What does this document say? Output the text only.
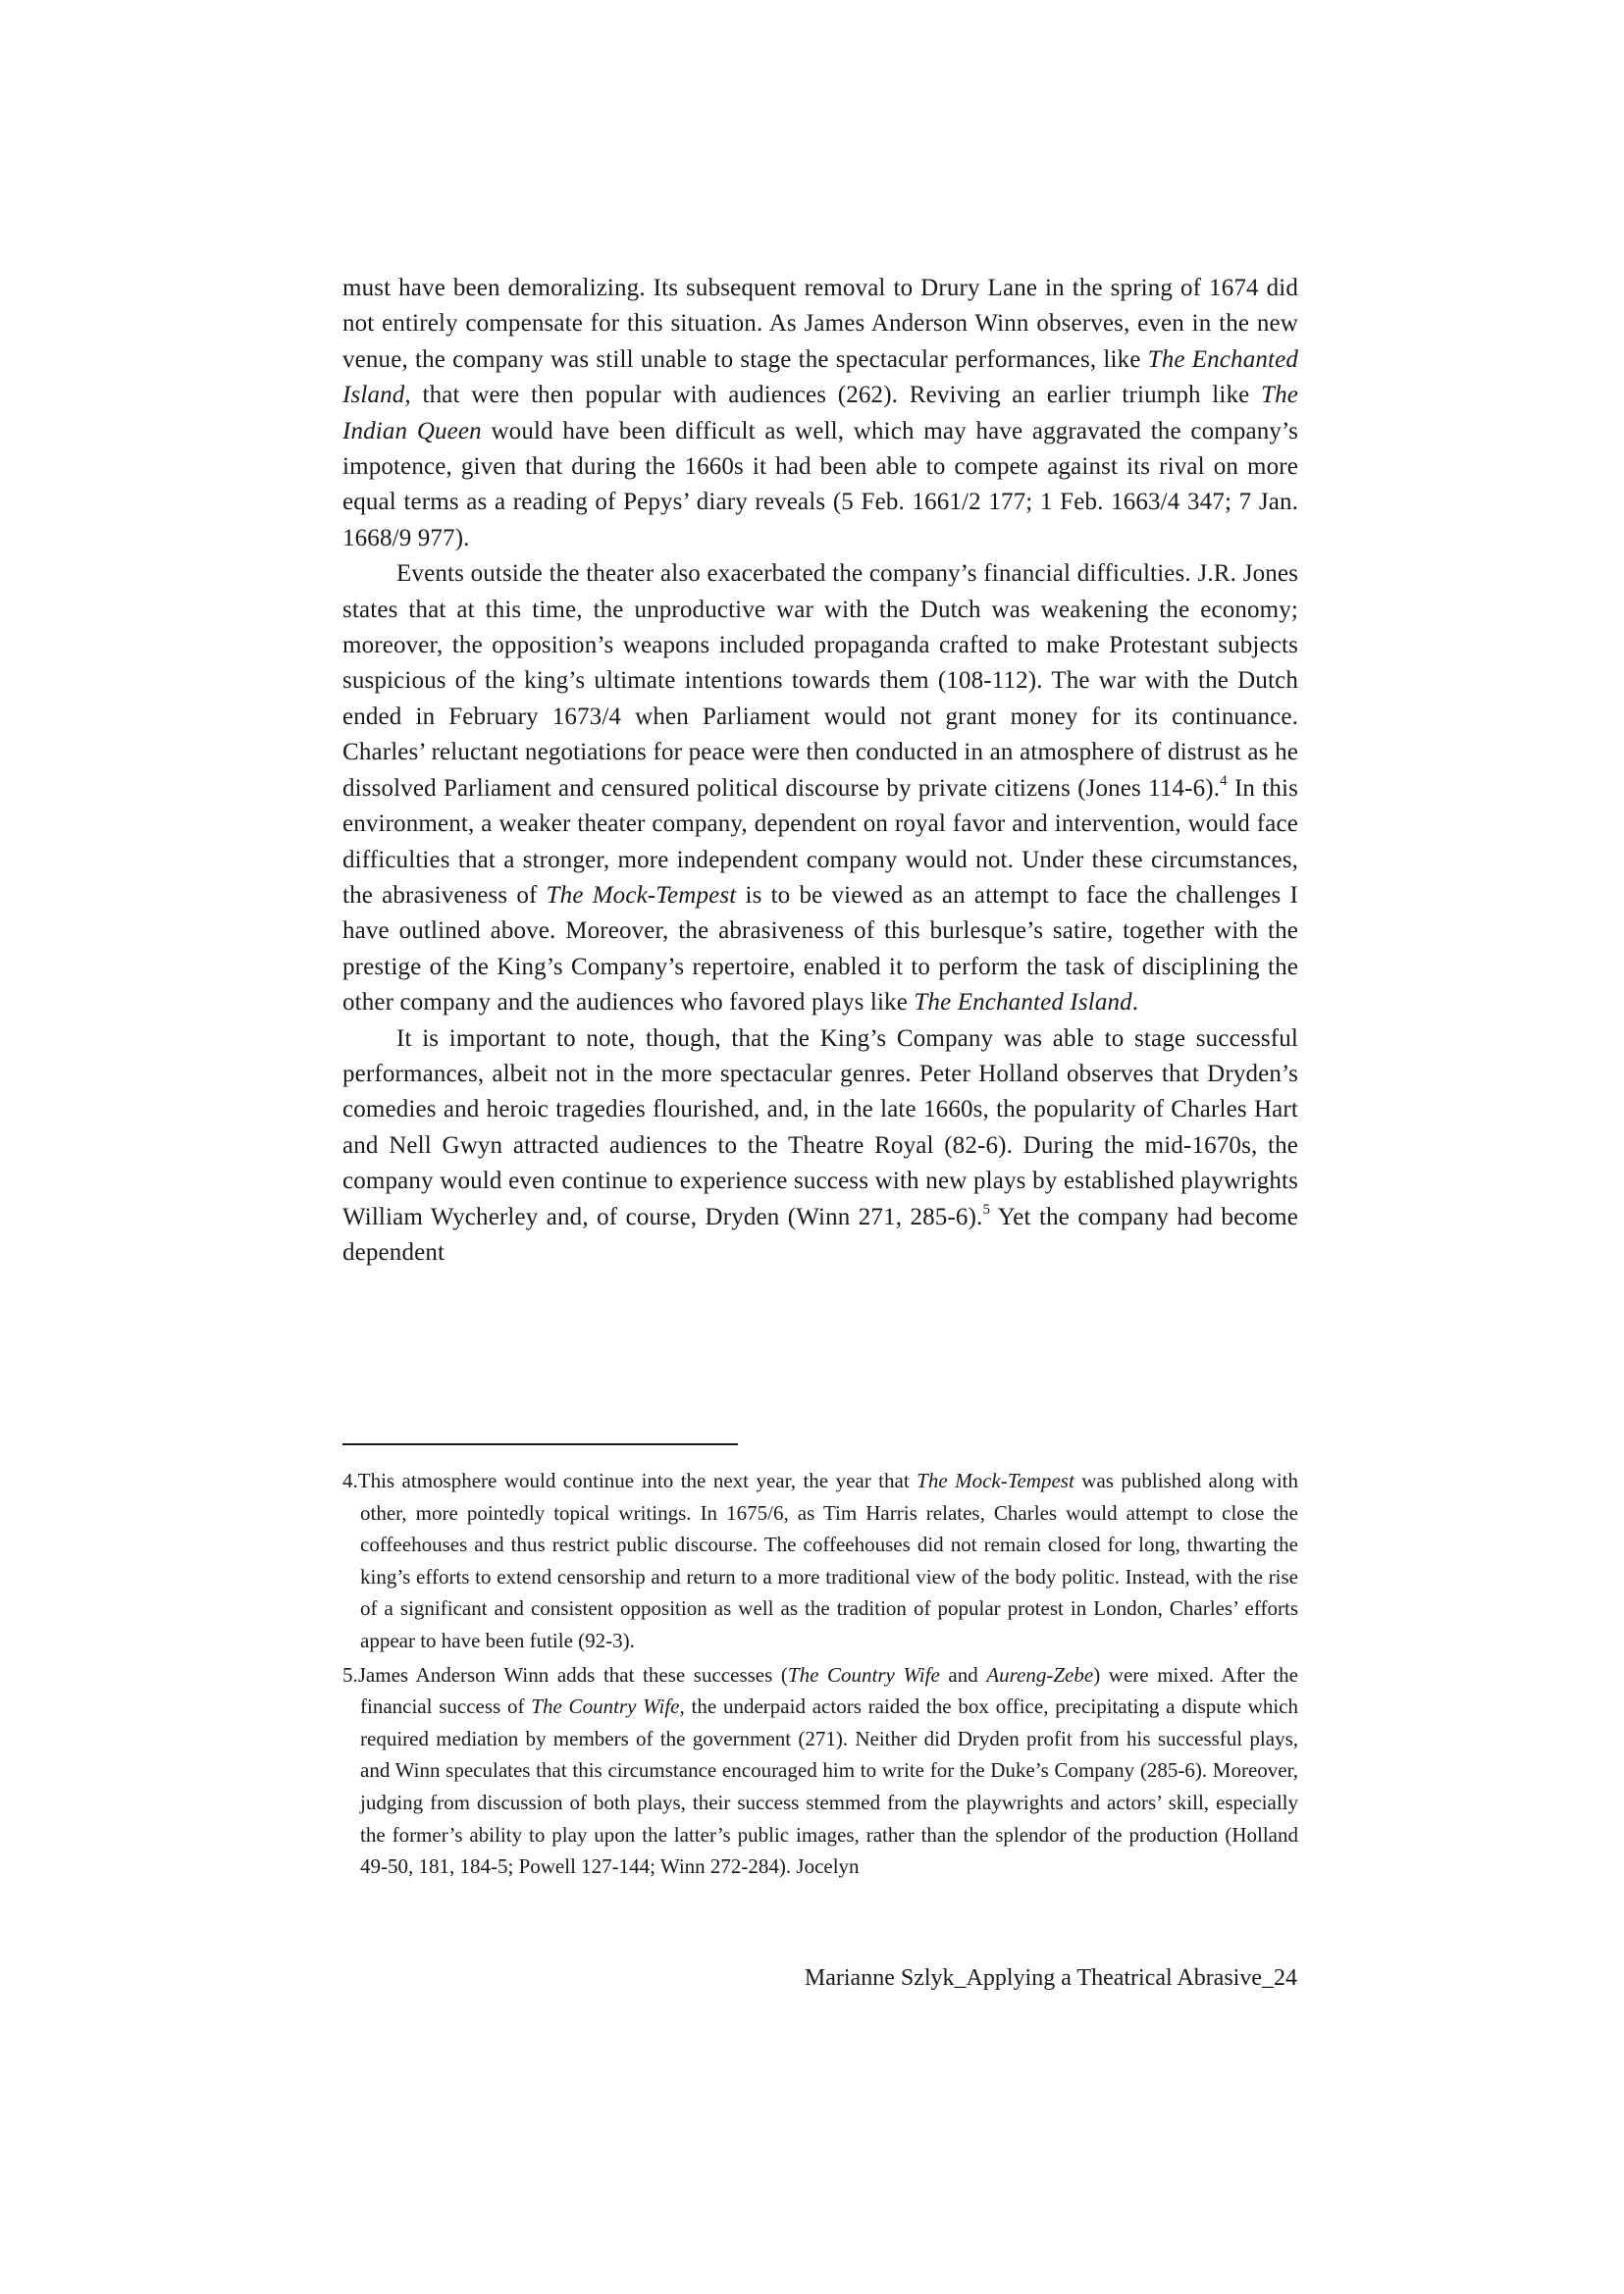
must have been demoralizing. Its subsequent removal to Drury Lane in the spring of 1674 did not entirely compensate for this situation. As James Anderson Winn observes, even in the new venue, the company was still unable to stage the spectacular performances, like The Enchanted Island, that were then popular with audiences (262). Reviving an earlier triumph like The Indian Queen would have been difficult as well, which may have aggravated the company’s impotence, given that during the 1660s it had been able to compete against its rival on more equal terms as a reading of Pepys’ diary reveals (5 Feb. 1661/2 177; 1 Feb. 1663/4 347; 7 Jan. 1668/9 977).

Events outside the theater also exacerbated the company’s financial difficulties. J.R. Jones states that at this time, the unproductive war with the Dutch was weakening the economy; moreover, the opposition’s weapons included propaganda crafted to make Protestant subjects suspicious of the king’s ultimate intentions towards them (108-112). The war with the Dutch ended in February 1673/4 when Parliament would not grant money for its continuance. Charles’ reluctant negotiations for peace were then conducted in an atmosphere of distrust as he dissolved Parliament and censured political discourse by private citizens (Jones 114-6).$^4$ In this environment, a weaker theater company, dependent on royal favor and intervention, would face difficulties that a stronger, more independent company would not. Under these circumstances, the abrasiveness of The Mock-Tempest is to be viewed as an attempt to face the challenges I have outlined above. Moreover, the abrasiveness of this burlesque’s satire, together with the prestige of the King’s Company’s repertoire, enabled it to perform the task of disciplining the other company and the audiences who favored plays like The Enchanted Island.

It is important to note, though, that the King’s Company was able to stage successful performances, albeit not in the more spectacular genres. Peter Holland observes that Dryden’s comedies and heroic tragedies flourished, and, in the late 1660s, the popularity of Charles Hart and Nell Gwyn attracted audiences to the Theatre Royal (82-6). During the mid-1670s, the company would even continue to experience success with new plays by established playwrights William Wycherley and, of course, Dryden (Winn 271, 285-6).$^5$ Yet the company had become dependent

4.This atmosphere would continue into the next year, the year that The Mock-Tempest was published along with other, more pointedly topical writings. In 1675/6, as Tim Harris relates, Charles would attempt to close the coffeehouses and thus restrict public discourse. The coffeehouses did not remain closed for long, thwarting the king’s efforts to extend censorship and return to a more traditional view of the body politic. Instead, with the rise of a significant and consistent opposition as well as the tradition of popular protest in London, Charles’ efforts appear to have been futile (92-3).

5.James Anderson Winn adds that these successes (The Country Wife and Aureng-Zebe) were mixed. After the financial success of The Country Wife, the underpaid actors raided the box office, precipitating a dispute which required mediation by members of the government (271). Neither did Dryden profit from his successful plays, and Winn speculates that this circumstance encouraged him to write for the Duke’s Company (285-6). Moreover, judging from discussion of both plays, their success stemmed from the playwrights and actors’ skill, especially the former’s ability to play upon the latter’s public images, rather than the splendor of the production (Holland 49-50, 181, 184-5; Powell 127-144; Winn 272-284). Jocelyn

Marianne Szlyk_Applying a Theatrical Abrasive_24
